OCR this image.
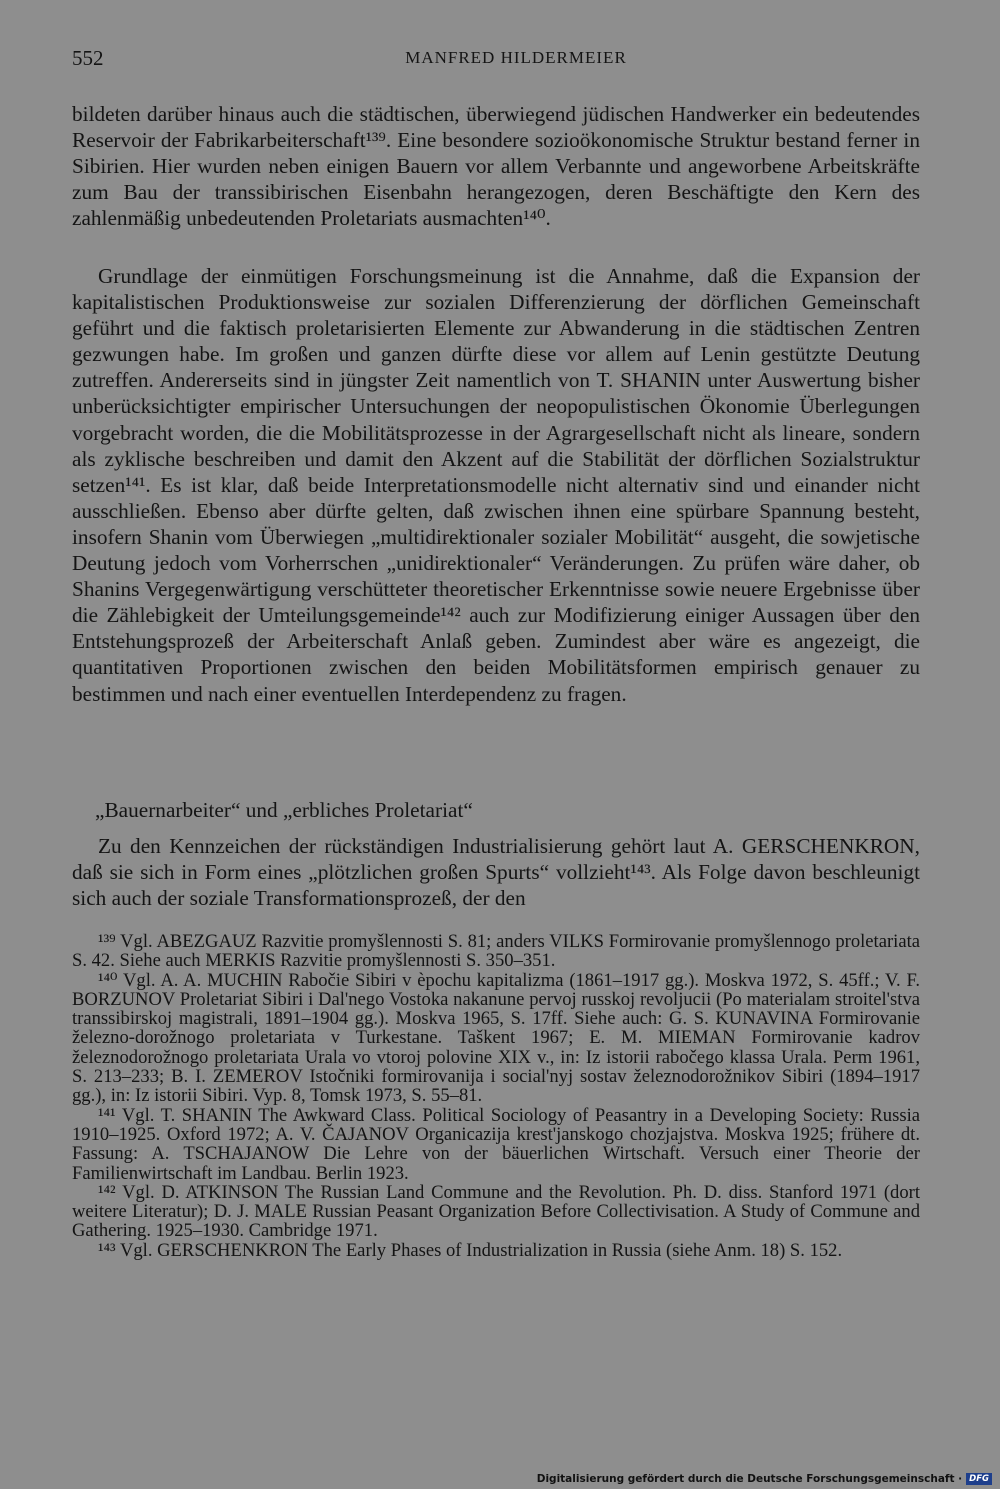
552	MANFRED HILDERMEIER

bildeten darüber hinaus auch die städtischen, überwiegend jüdischen Handwerker ein bedeutendes Reservoir der Fabrikarbeiterschaft¹³⁹. Eine besondere sozioökonomische Struktur bestand ferner in Sibirien. Hier wurden neben einigen Bauern vor allem Verbannte und angeworbene Arbeitskräfte zum Bau der transsibirischen Eisenbahn herangezogen, deren Beschäftigte den Kern des zahlenmäßig unbedeutenden Proletariats ausmachten¹⁴⁰.

Grundlage der einmütigen Forschungsmeinung ist die Annahme, daß die Expansion der kapitalistischen Produktionsweise zur sozialen Differenzierung der dörflichen Gemeinschaft geführt und die faktisch proletarisierten Elemente zur Abwanderung in die städtischen Zentren gezwungen habe. Im großen und ganzen dürfte diese vor allem auf Lenin gestützte Deutung zutreffen. Andererseits sind in jüngster Zeit namentlich von T. SHANIN unter Auswertung bisher unberücksichtigter empirischer Untersuchungen der neopopulistischen Ökonomie Überlegungen vorgebracht worden, die die Mobilitätsprozesse in der Agrargesellschaft nicht als lineare, sondern als zyklische beschreiben und damit den Akzent auf die Stabilität der dörflichen Sozialstruktur setzen¹⁴¹. Es ist klar, daß beide Interpretationsmodelle nicht alternativ sind und einander nicht ausschließen. Ebenso aber dürfte gelten, daß zwischen ihnen eine spürbare Spannung besteht, insofern Shanin vom Überwiegen „multidirektionaler sozialer Mobilität“ ausgeht, die sowjetische Deutung jedoch vom Vorherrschen „unidirektionaler“ Veränderungen. Zu prüfen wäre daher, ob Shanins Vergegenwärtigung verschütteter theoretischer Erkenntnisse sowie neuere Ergebnisse über die Zählebigkeit der Umteilungsgemeinde¹⁴² auch zur Modifizierung einiger Aussagen über den Entstehungsprozeß der Arbeiterschaft Anlaß geben. Zumindest aber wäre es angezeigt, die quantitativen Proportionen zwischen den beiden Mobilitätsformen empirisch genauer zu bestimmen und nach einer eventuellen Interdependenz zu fragen.

„Bauernarbeiter“ und „erbliches Proletariat“

Zu den Kennzeichen der rückständigen Industrialisierung gehört laut A. GERSCHENKRON, daß sie sich in Form eines „plötzlichen großen Spurts“ vollzieht¹⁴³. Als Folge davon beschleunigt sich auch der soziale Transformationsprozeß, der den

¹³⁹ Vgl. ABEZGAUZ Razvitie promyšlennosti S. 81; anders VILKS Formirovanie promyšlennogo proletariata S. 42. Siehe auch MERKIS Razvitie promyšlennosti S. 350–351.

¹⁴⁰ Vgl. A. A. MUCHIN Rabočie Sibiri v èpochu kapitalizma (1861–1917 gg.). Moskva 1972, S. 45ff.; V. F. BORZUNOV Proletariat Sibiri i Dal'nego Vostoka nakanune pervoj russkoj revoljucii (Po materialam stroitel'stva transsibirskoj magistrali, 1891–1904 gg.). Moskva 1965, S. 17ff. Siehe auch: G. S. KUNAVINA Formirovanie železno-dorožnogo proletariata v Turkestane. Taškent 1967; E. M. MIEMAN Formirovanie kadrov železnodorožnogo proletariata Urala vo vtoroj polovine XIX v., in: Iz istorii rabočego klassa Urala. Perm 1961, S. 213–233; B. I. ZEMEROV Istočniki formirovanija i social'nyj sostav železnodorožnikov Sibiri (1894–1917 gg.), in: Iz istorii Sibiri. Vyp. 8, Tomsk 1973, S. 55–81.

¹⁴¹ Vgl. T. SHANIN The Awkward Class. Political Sociology of Peasantry in a Developing Society: Russia 1910–1925. Oxford 1972; A. V. ČAJANOV Organicazija krest'janskogo chozjajstva. Moskva 1925; frühere dt. Fassung: A. TSCHAJANOW Die Lehre von der bäuerlichen Wirtschaft. Versuch einer Theorie der Familienwirtschaft im Landbau. Berlin 1923.

¹⁴² Vgl. D. ATKINSON The Russian Land Commune and the Revolution. Ph. D. diss. Stanford 1971 (dort weitere Literatur); D. J. MALE Russian Peasant Organization Before Collectivisation. A Study of Commune and Gathering. 1925–1930. Cambridge 1971.

¹⁴³ Vgl. GERSCHENKRON The Early Phases of Industrialization in Russia (siehe Anm. 18) S. 152.

Digitalisierung gefördert durch die Deutsche Forschungsgemeinschaft · DFG
